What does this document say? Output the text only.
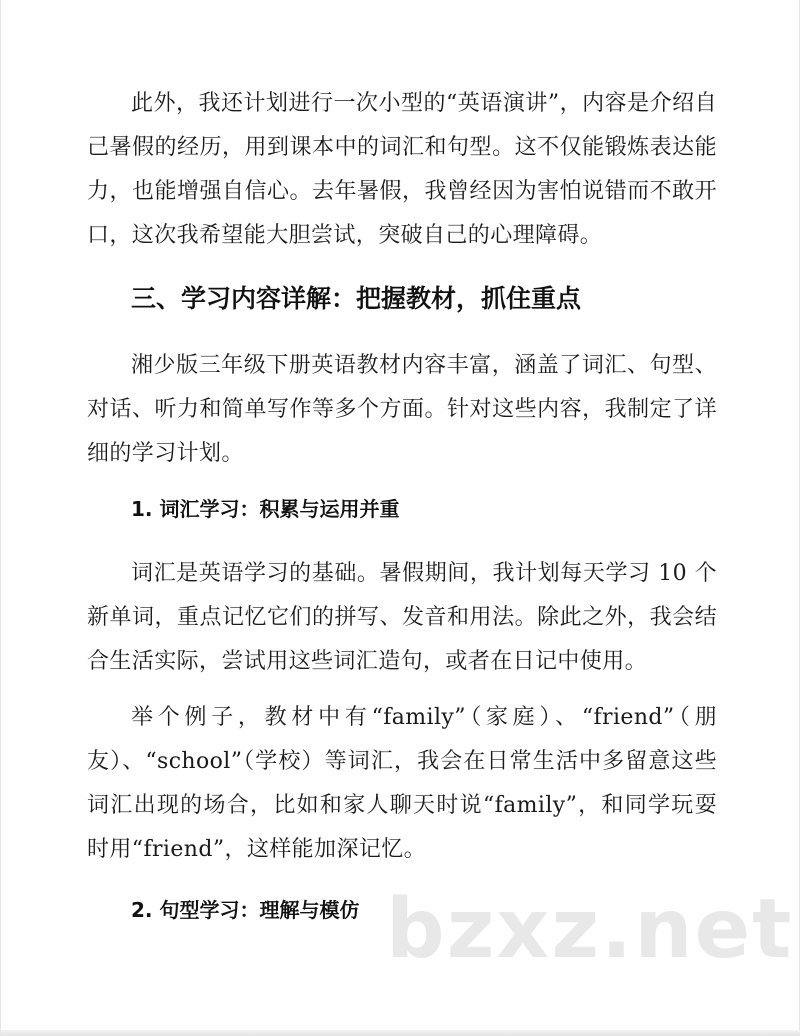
此外，我还计划进行一次小型的“英语演讲”，内容是介绍自己暑假的经历，用到课本中的词汇和句型。这不仅能锻炼表达能力，也能增强自信心。去年暑假，我曾经因为害怕说错而不敢开口，这次我希望能大胆尝试，突破自己的心理障碍。

三、学习内容详解：把握教材，抓住重点

湘少版三年级下册英语教材内容丰富，涵盖了词汇、句型、对话、听力和简单写作等多个方面。针对这些内容，我制定了详细的学习计划。

1. 词汇学习：积累与运用并重

词汇是英语学习的基础。暑假期间，我计划每天学习 10 个新单词，重点记忆它们的拼写、发音和用法。除此之外，我会结合生活实际，尝试用这些词汇造句，或者在日记中使用。

举个例子，教材中有“family”（家庭）、“friend”（朋友）、“school”（学校）等词汇，我会在日常生活中多留意这些词汇出现的场合，比如和家人聊天时说“family”，和同学玩耍时用“friend”，这样能加深记忆。

2. 句型学习：理解与模仿 bzxz.net
